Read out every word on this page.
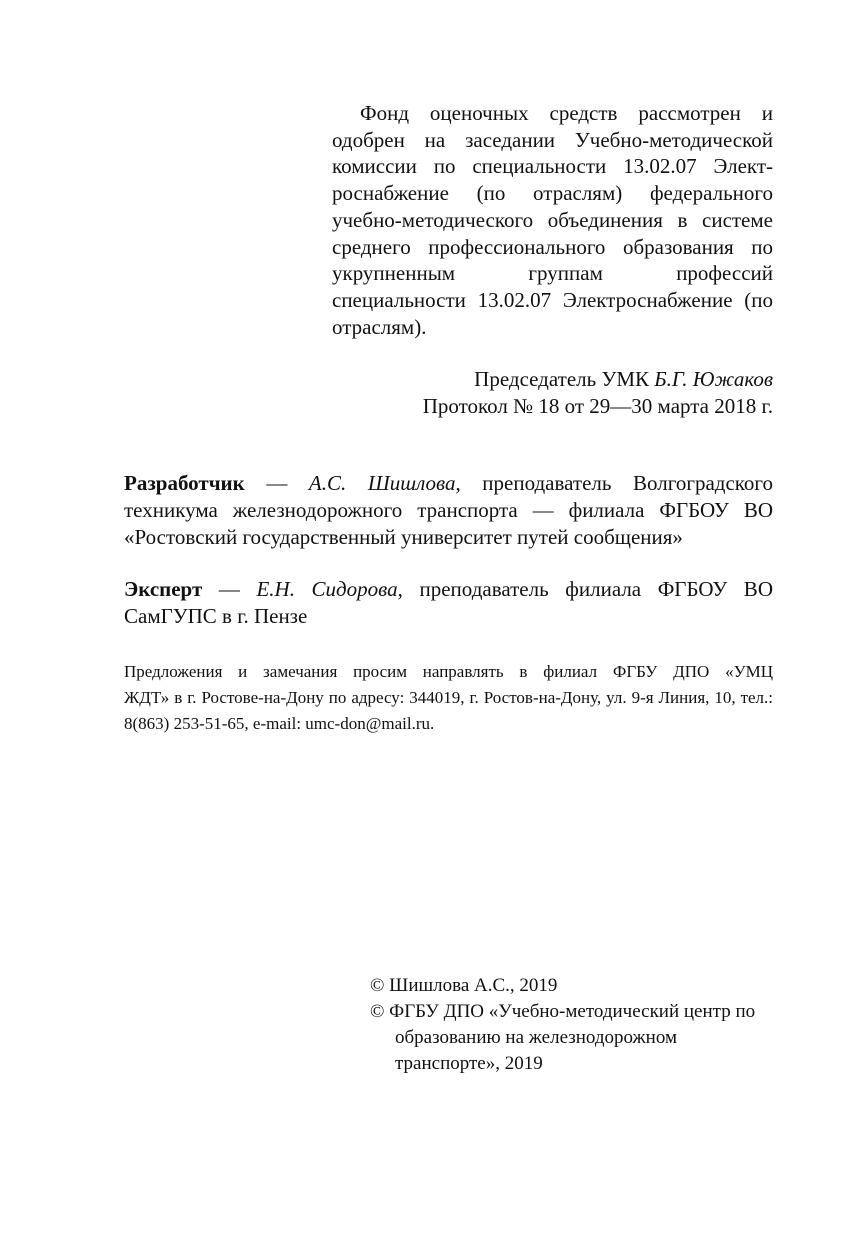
Фонд оценочных средств рассмотрен и одобрен на заседании Учебно-методической комиссии по специальности 13.02.07 Электроснабжение (по отраслям) федерального учебно-методического объединения в системе среднего профессионального образования по укрупненным группам профессий специальности 13.02.07 Электроснабжение (по отраслям).
Председатель УМК Б.Г. Южаков
Протокол № 18 от 29—30 марта 2018 г.
Разработчик — А.С. Шишлова, преподаватель Волгоградского техникума железнодорожного транспорта — филиала ФГБОУ ВО «Ростовский государственный университет путей сообщения»
Эксперт — Е.Н. Сидорова, преподаватель филиала ФГБОУ ВО СамГУПС в г. Пензе
Предложения и замечания просим направлять в филиал ФГБУ ДПО «УМЦ
ЖДТ» в г. Ростове-на-Дону по адресу: 344019, г. Ростов-на-Дону, ул. 9-я Линия, 10, тел.: 8(863) 253-51-65, e-mail: umc-don@mail.ru.
© Шишлова А.С., 2019
© ФГБУ ДПО «Учебно-методический центр по образованию на железнодорожном транспорте», 2019
